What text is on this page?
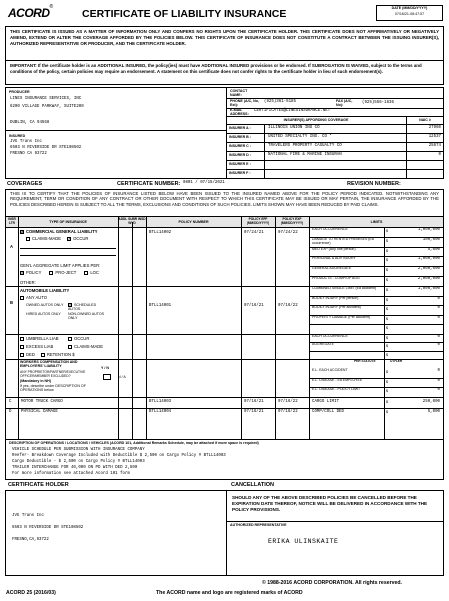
ACORD®
CERTIFICATE OF LIABILITY INSURANCE	DATE (MM/DD/YYYY)
07/16/21-08:47:57
THIS CERTIFICATE IS ISSUED AS A MATTER OF INFORMATION ONLY AND CONFERS NO RIGHTS UPON THE CERTIFICATE HOLDER. THIS CERTIFICATE DOES NOT AFFIRMATIVELY OR NEGATIVELY AMEND, EXTEND OR ALTER THE COVERAGE AFFORDED BY THE POLICIES BELOW. THIS CERTIFICATE OF INSURANCE DOES NOT CONSTITUTE A CONTRACT BETWEEN THE ISSUING INSURER(S), AUTHORIZED REPRESENTATIVE OR PRODUCER, AND THE CERTIFICATE HOLDER.
IMPORTANT: If the certificate holder is an ADDITIONAL INSURED, the policy(ies) must have ADDITIONAL INSURED provisions or be endorsed. If SUBROGATION IS WAIVED, subject to the terms and conditions of the policy, certain policies may require an endorsement. A statement on this certificate does not confer rights to the certificate holder in lieu of such endorsement(s).
PRODUCER
LINES INSURANCE SERVICES, INC
6200 VILLAGE PARKWAY, SUITE200
DUBLIN, CA 94568
INSURED
JVG Trans Inc
6503 N RIVERSIDE DR STE108502
FRESNO CA 93722
CONTACT NAME:
PHONE (A/C, No, Ext):
(925)361-5185	FAX (A/C, No):
(925)556-1636
E-MAIL ADDRESS:
CERTIFICATES@LINESINSURANCE.NET
INSURER(S) AFFORDING COVERAGE	NAIC #
INSURER A :	ILLINOIS UNION INS CO	27960
INSURER B :	UNITED SPECIALTY INS. CO *	12537
INSURER C :	TRAVELERS PROPERTY CASUALTY CO	25674
INSURER D :	NATIONAL FIRE & MARINE INSURAN	0
INSURER E :
INSURER F :
COVERAGES	CERTIFICATE NUMBER: 0801 / 07/15/2021	REVISION NUMBER:
THIS IS TO CERTIFY THAT THE POLICIES OF INSURANCE LISTED BELOW HAVE BEEN ISSUED TO THE INSURED NAMED ABOVE FOR THE POLICY PERIOD INDICATED. NOTWITHSTANDING ANY REQUIREMENT, TERM OR CONDITION OF ANY CONTRACT OR OTHER DOCUMENT WITH RESPECT TO WHICH THIS CERTIFICATE MAY BE ISSUED OR MAY PERTAIN, THE INSURANCE AFFORDED BY THE POLICIES DESCRIBED HEREIN IS SUBJECT TO ALL THE TERMS, EXCLUSIONS AND CONDITIONS OF SUCH POLICIES. LIMITS SHOWN MAY HAVE BEEN REDUCED BY PAID CLAIMS.
INSR LTR	TYPE OF INSURANCE
ADDL SUBR INSD WVD	POLICY NUMBER
POLICY EFF (MM/DD/YYYY)
POLICY EXP (MM/DD/YYYY)	LIMITS
A
X COMMERCIAL GENERAL LIABILITY
CLAIMS-MADE X OCCUR
GEN'L AGGREGATE LIMIT APPLIES PER:
X POLICY	PRO-JECT	LOC
OTHER:
BTLL14002	07/24/21	07/24/22
EACH OCCURRENCE	$	1,000,000
DAMAGE TO RENTED PREMISES (Ea occurrence)	$	100,000
MED EXP (Any one person)	$	5,000
PERSONAL & ADV INJURY	$	1,000,000
GENERAL AGGREGATE	$	2,000,000
PRODUCTS - COMP/OP AGG	$	2,000,000
B
AUTOMOBILE LIABILITY
ANY AUTO
OWNED AUTOS ONLY	X SCHEDULED AUTOS
HIRED AUTOS ONLY	NON-OWNED AUTOS ONLY
BTLL14001	07/16/21	07/16/22
COMBINED SINGLE LIMIT (Ea accident)	$	1,000,000
BODILY INJURY (Per person)	$	0
BODILY INJURY (Per accident)	$	0
PROPERTY DAMAGE (Per accident)	$	0
$
UMBRELLA LIAB	OCCUR
EXCESS LIAB	CLAIMS-MADE
DED	RETENTION $
EACH OCCURRENCE	$	0
AGGREGATE	$	0
$
WORKERS COMPENSATION AND EMPLOYERS' LIABILITY	Y / N
ANY PROPRIETOR/PARTNER/EXECUTIVE OFFICER/MEMBER EXCLUDED?	N / A
(Mandatory in NH)
If yes, describe under DESCRIPTION OF OPERATIONS below
PER STATUTE	OTH-ER
E.L. EACH ACCIDENT	$	0
E.L. DISEASE - EA EMPLOYEE	$	0
E.L. DISEASE - POLICY LIMIT	$	0
C MOTOR TRUCK CARGO	BTLL14003	07/16/21	07/16/22	CARGO LIMIT	$	250,000
D PHYSICAL DAMAGE	BTLL14004	07/16/21	07/16/22	COMP/COLL DED	$	5,000
DESCRIPTION OF OPERATIONS / LOCATIONS / VEHICLES (ACORD 101, Additional Remarks Schedule, may be attached if more space is required)
VEHICLE SCHEDULE PER SUBMISSION WITH INSURANCE COMPANY
Reefer- Breakdown Coverage Included with Deductible $ 2,500 on Cargo Policy # BTLL14003
Cargo Deductible - $ 2,500 on Cargo Policy # BTLL14003
TRAILER INTERCHANGE FOR 40,000 ON PD WITH DED 2,500
For more information see attached Acord 101 form
CERTIFICATE HOLDER	CANCELLATION
JVG Trans Inc
6503 N RIVERSIDE DR STE108502
FRESNO,CA,93722
SHOULD ANY OF THE ABOVE DESCRIBED POLICIES BE CANCELLED BEFORE THE EXPIRATION DATE THEREOF, NOTICE WILL BE DELIVERED IN ACCORDANCE WITH THE POLICY PROVISIONS.
AUTHORIZED REPRESENTATIVE
ERIKA ULINSKAITE
© 1988-2016 ACORD CORPORATION. All rights reserved.
ACORD 25 (2016/03)	The ACORD name and logo are registered marks of ACORD
